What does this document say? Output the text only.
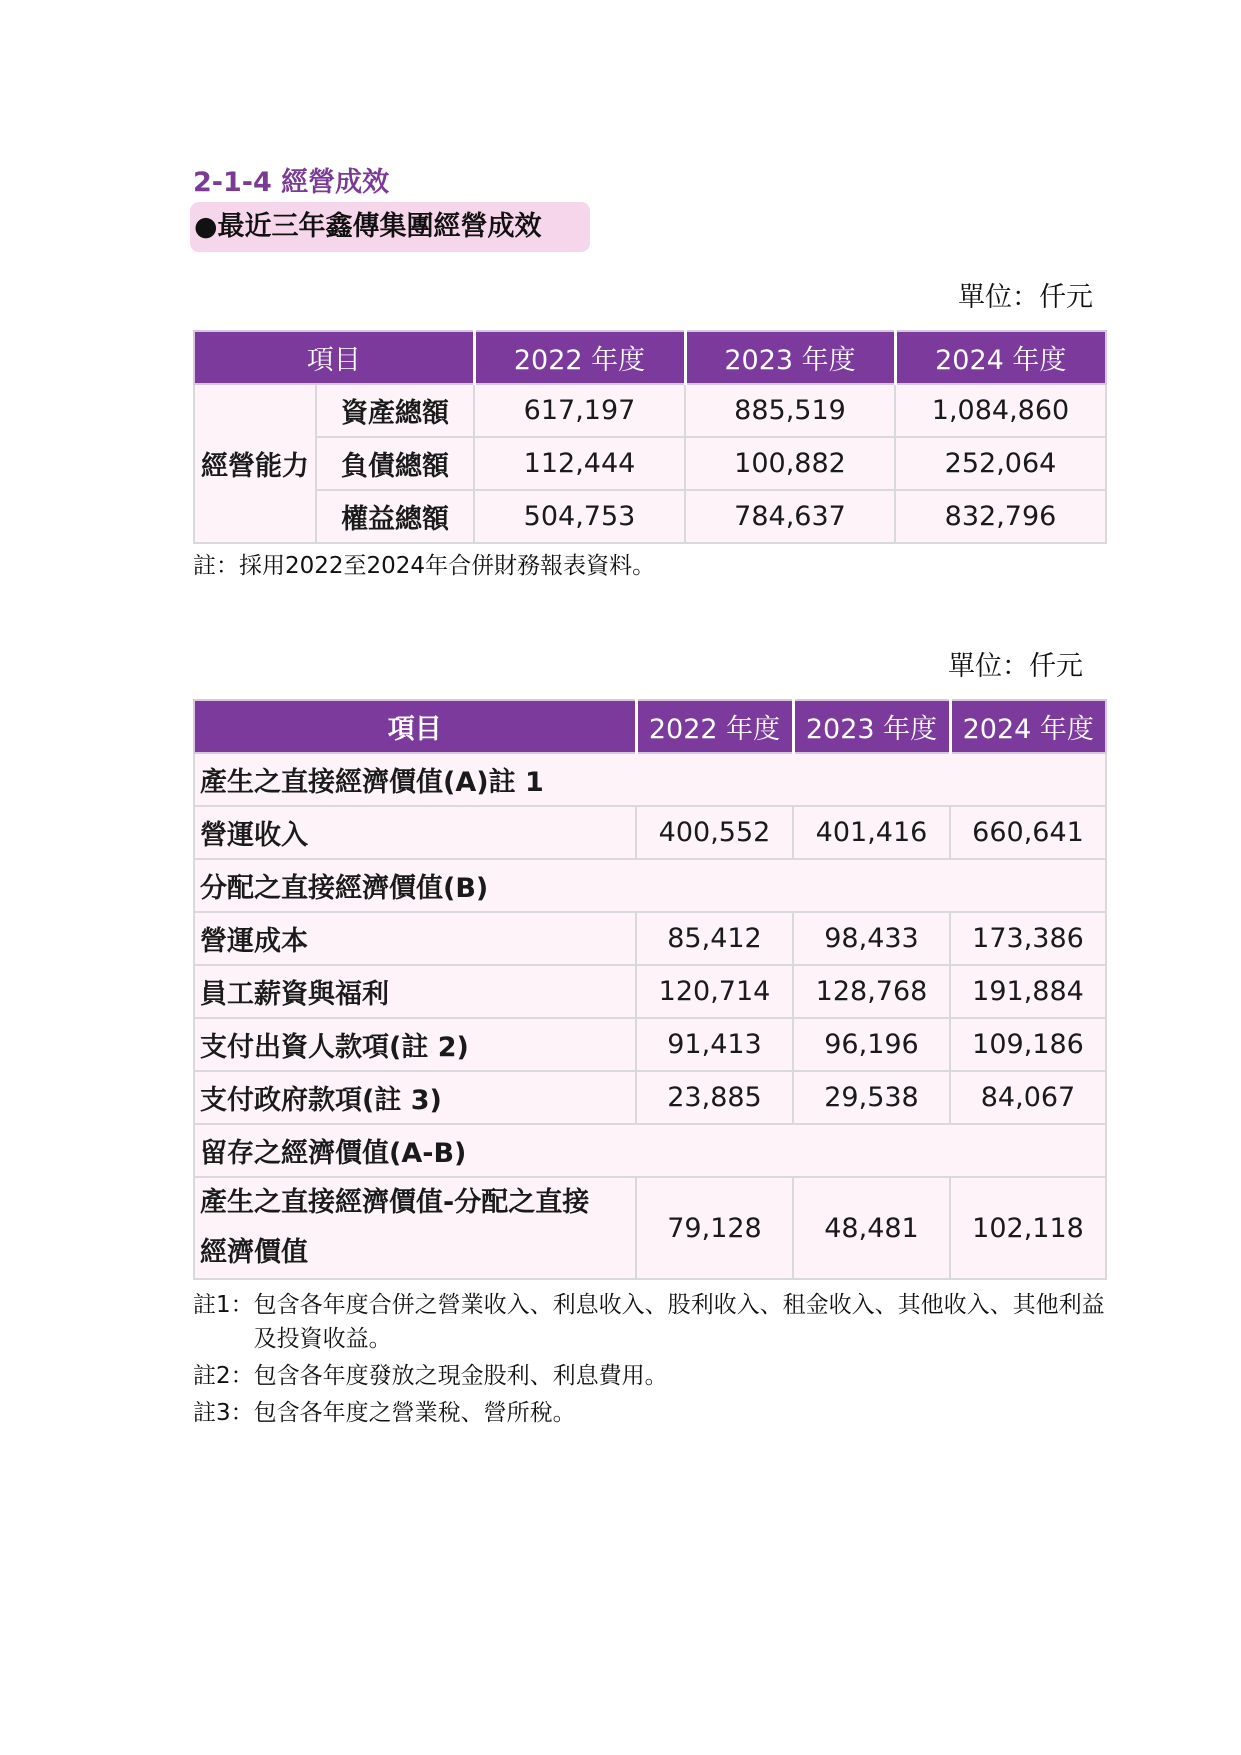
2-1-4 經營成效
●最近三年鑫傳集團經營成效
單位：仟元
項目		2022 年度	2023 年度	2024 年度
經營能力	資產總額	617,197	885,519	1,084,860
	負債總額	112,444	100,882	252,064
	權益總額	504,753	784,637	832,796
註：採用2022至2024年合併財務報表資料。
單位：仟元
項目	2022 年度	2023 年度	2024 年度
產生之直接經濟價值(A)註 1			
營運收入	400,552	401,416	660,641
分配之直接經濟價值(B)			
營運成本	85,412	98,433	173,386
員工薪資與福利	120,714	128,768	191,884
支付出資人款項(註 2)	91,413	96,196	109,186
支付政府款項(註 3)	23,885	29,538	84,067
留存之經濟價值(A-B)			

產生之直接經濟價值-分配之直接
經濟價值	79,128	48,481	102,118
註1： 包含各年度合併之營業收入、利息收入、股利收入、租金收入、其他收入、其他利益及投資收益。
註2： 包含各年度發放之現金股利、利息費用。
註3： 包含各年度之營業稅、營所稅。
